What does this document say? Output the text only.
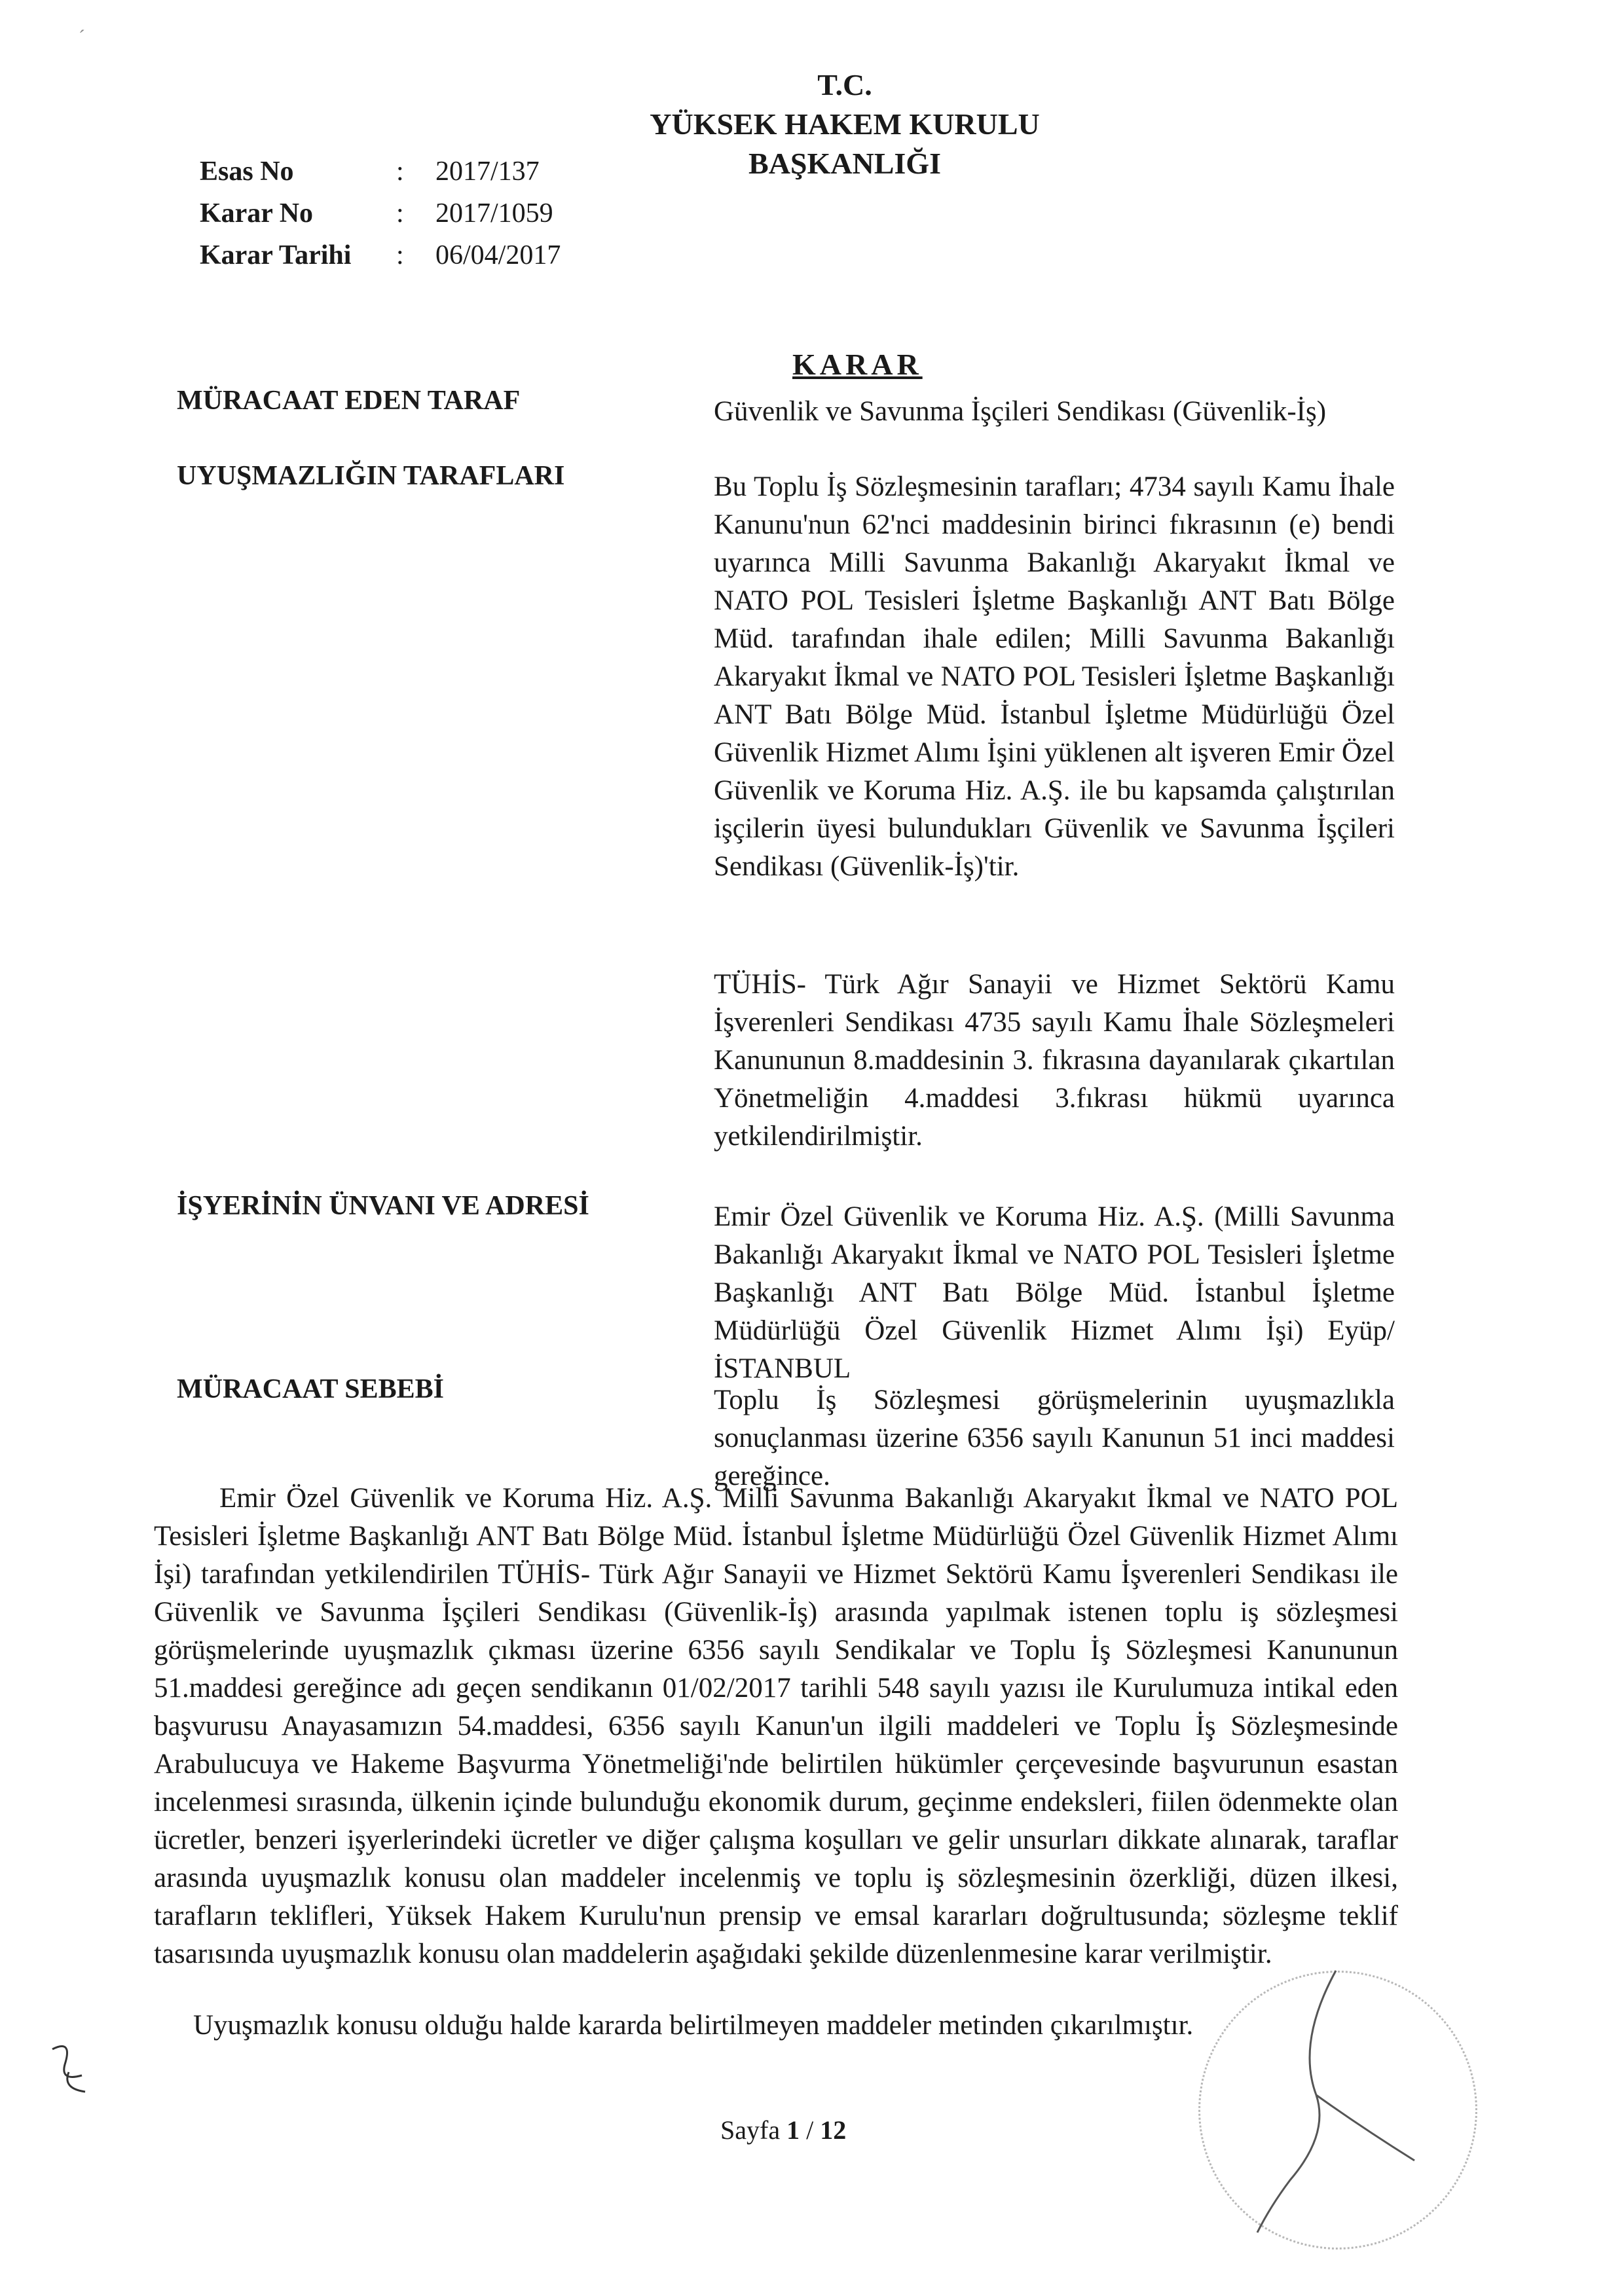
ˊ
T.C.
YÜKSEK HAKEM KURULU
BAŞKANLIĞI
Esas No	:	2017/137
Karar No	:	2017/1059
Karar Tarihi	:	06/04/2017
KARAR
MÜRACAAT EDEN TARAF	Güvenlik ve Savunma İşçileri Sendikası (Güvenlik-İş)
UYUŞMAZLIĞIN TARAFLARI	Bu Toplu İş Sözleşmesinin tarafları; 4734 sayılı Kamu İhale Kanunu'nun 62'nci maddesinin birinci fıkrasının (e) bendi uyarınca Milli Savunma Bakanlığı Akaryakıt İkmal ve NATO POL Tesisleri İşletme Başkanlığı ANT Batı Bölge Müd. tarafından ihale edilen; Milli Savunma Bakanlığı Akaryakıt İkmal ve NATO POL Tesisleri İşletme Başkanlığı ANT Batı Bölge Müd. İstanbul İşletme Müdürlüğü Özel Güvenlik Hizmet Alımı İşini yüklenen alt işveren Emir Özel Güvenlik ve Koruma Hiz. A.Ş. ile bu kapsamda çalıştırılan işçilerin üyesi bulundukları Güvenlik ve Savunma İşçileri Sendikası (Güvenlik-İş)'tir.
TÜHİS- Türk Ağır Sanayii ve Hizmet Sektörü Kamu İşverenleri Sendikası 4735 sayılı Kamu İhale Sözleşmeleri Kanununun 8.maddesinin 3. fıkrasına dayanılarak çıkartılan Yönetmeliğin 4.maddesi 3.fıkrası hükmü uyarınca yetkilendirilmiştir.
İŞYERİNİN ÜNVANI VE ADRESİ	Emir Özel Güvenlik ve Koruma Hiz. A.Ş. (Milli Savunma Bakanlığı Akaryakıt İkmal ve NATO POL Tesisleri İşletme Başkanlığı ANT Batı Bölge Müd. İstanbul İşletme Müdürlüğü Özel Güvenlik Hizmet Alımı İşi) Eyüp/İSTANBUL
MÜRACAAT SEBEBİ	Toplu İş Sözleşmesi görüşmelerinin uyuşmazlıkla sonuçlanması üzerine 6356 sayılı Kanunun 51 inci maddesi gereğince.
Emir Özel Güvenlik ve Koruma Hiz. A.Ş. Milli Savunma Bakanlığı Akaryakıt İkmal ve NATO POL Tesisleri İşletme Başkanlığı ANT Batı Bölge Müd. İstanbul İşletme Müdürlüğü Özel Güvenlik Hizmet Alımı İşi) tarafından yetkilendirilen TÜHİS- Türk Ağır Sanayii ve Hizmet Sektörü Kamu İşverenleri Sendikası ile Güvenlik ve Savunma İşçileri Sendikası (Güvenlik-İş) arasında yapılmak istenen toplu iş sözleşmesi görüşmelerinde uyuşmazlık çıkması üzerine 6356 sayılı Sendikalar ve Toplu İş Sözleşmesi Kanununun 51.maddesi gereğince adı geçen sendikanın 01/02/2017 tarihli 548 sayılı yazısı ile Kurulumuza intikal eden başvurusu Anayasamızın 54.maddesi, 6356 sayılı Kanun'un ilgili maddeleri ve Toplu İş Sözleşmesinde Arabulucuya ve Hakeme Başvurma Yönetmeliği'nde belirtilen hükümler çerçevesinde başvurunun esastan incelenmesi sırasında, ülkenin içinde bulunduğu ekonomik durum, geçinme endeksleri, fiilen ödenmekte olan ücretler, benzeri işyerlerindeki ücretler ve diğer çalışma koşulları ve gelir unsurları dikkate alınarak, taraflar arasında uyuşmazlık konusu olan maddeler incelenmiş ve toplu iş sözleşmesinin özerkliği, düzen ilkesi, tarafların teklifleri, Yüksek Hakem Kurulu'nun prensip ve emsal kararları doğrultusunda; sözleşme teklif tasarısında uyuşmazlık konusu olan maddelerin aşağıdaki şekilde düzenlenmesine karar verilmiştir.
Uyuşmazlık konusu olduğu halde kararda belirtilmeyen maddeler metinden çıkarılmıştır.
Sayfa 1 / 12
